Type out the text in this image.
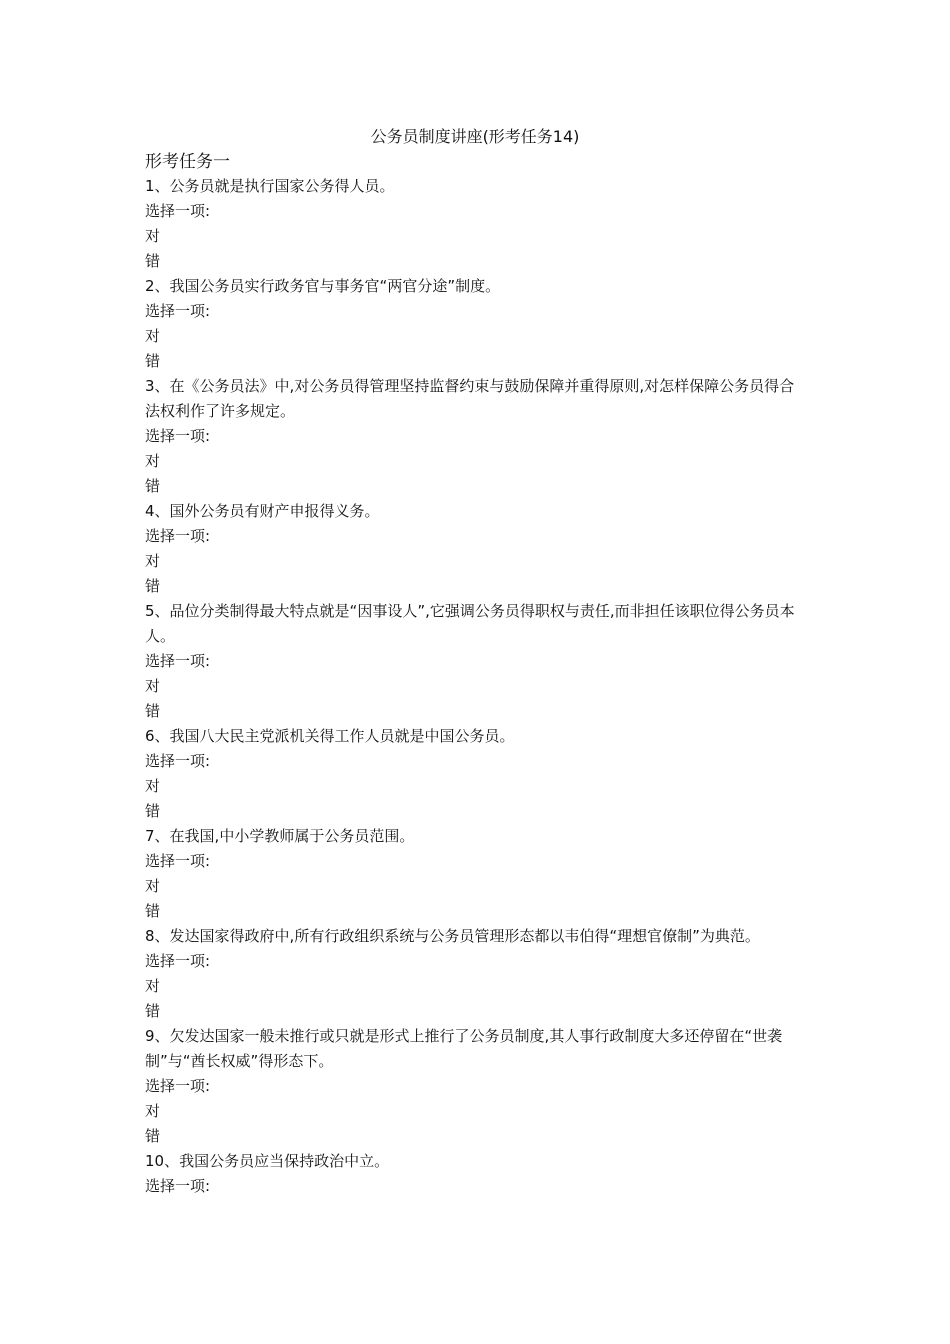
公务员制度讲座(形考任务14)
形考任务一
1、公务员就是执行国家公务得人员。
选择一项:
对
错
2、我国公务员实行政务官与事务官“两官分途”制度。
选择一项:
对
错
3、在《公务员法》中,对公务员得管理坚持监督约束与鼓励保障并重得原则,对怎样保障公务员得合法权利作了许多规定。
选择一项:
对
错
4、国外公务员有财产申报得义务。
选择一项:
对
错
5、品位分类制得最大特点就是“因事设人”,它强调公务员得职权与责任,而非担任该职位得公务员本人。
选择一项:
对
错
6、我国八大民主党派机关得工作人员就是中国公务员。
选择一项:
对
错
7、在我国,中小学教师属于公务员范围。
选择一项:
对
错
8、发达国家得政府中,所有行政组织系统与公务员管理形态都以韦伯得“理想官僚制”为典范。
选择一项:
对
错
9、欠发达国家一般未推行或只就是形式上推行了公务员制度,其人事行政制度大多还停留在“世袭制”与“酋长权威”得形态下。
选择一项:
对
错
10、我国公务员应当保持政治中立。
选择一项:
